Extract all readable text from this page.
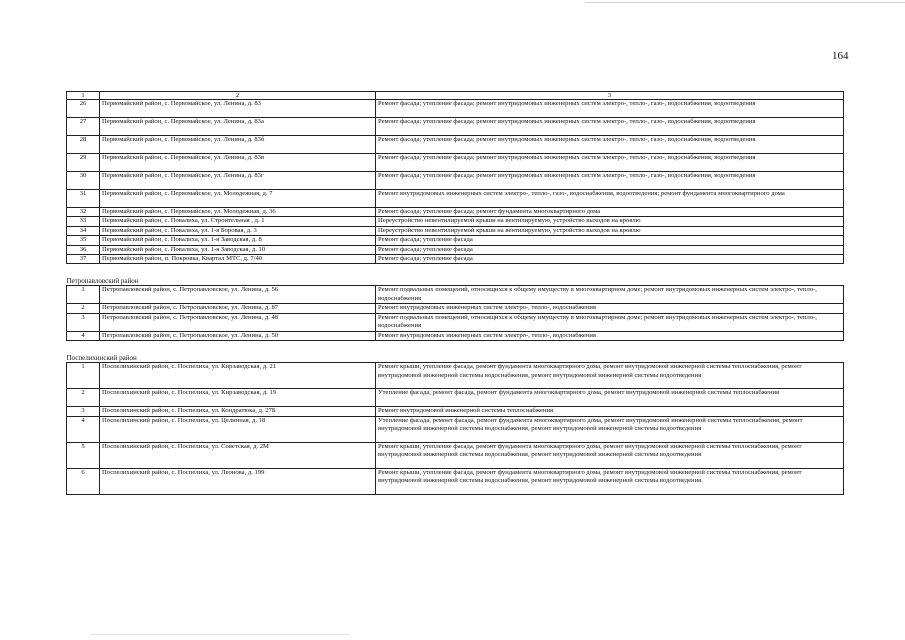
164
1	2	3
26	Первомайский район, с. Первомайское, ул. Ленина, д. 83	Ремонт фасада; утепление фасада; ремонт внутридомовых инженерных систем электро-, тепло-, газо-, водоснабжения, водоотведения
27	Первомайский район, с. Первомайское, ул. Ленина, д. 83а	Ремонт фасада; утепление фасада; ремонт внутридомовых инженерных систем электро-, тепло-, газо-, водоснабжения, водоотведения
28	Первомайский район, с. Первомайское, ул. Ленина, д. 83б	Ремонт фасада; утепление фасада; ремонт внутридомовых инженерных систем электро-, тепло-, газо-, водоснабжения, водоотведения
29	Первомайский район, с. Первомайское, ул. Ленина, д. 83в	Ремонт фасада; утепление фасада; ремонт внутридомовых инженерных систем электро-, тепло-, газо-, водоснабжения, водоотведения
30	Первомайский район, с. Первомайское, ул. Ленина, д. 83г	Ремонт фасада; утепление фасада; ремонт внутридомовых инженерных систем электро-, тепло-, газо-, водоснабжения, водоотведения
31	Первомайский район, с. Первомайское, ул. Молодежная, д. 7	Ремонт внутридомовых инженерных систем электро-, тепло-, газо-, водоснабжения, водоотведения; ремонт фундамента многоквартирного дома
32	Первомайский район, с. Первомайское, ул. Молодежная, д. 36	Ремонт фасада; утепление фасада; ремонт фундамента многоквартирного дома
33	Первомайский район, с. Повалиха, ул. Строительная , д. 1	Переустройство невентилируемой крыши на вентилируемую, устройство выходов на кровлю
34	Первомайский район, с. Повалиха, ул. 1-я Боровая, д. 3	Переустройство невентилируемой крыши на вентилируемую, устройство выходов на кровлю
35	Первомайский район, с. Повалиха, ул. 1-я Заводская, д. 8	Ремонт фасада; утепление фасада
36	Первомайский район, с. Повалиха, ул. 1-я Заводская, д. 10	Ремонт фасада; утепление фасада
37	Первомайский район, п. Покровка, Квартал МТС, д. 7/40	Ремонт фасада; утепление фасада

Петропавловский район		
1	Петропавловский район, с. Петропавловское, ул. Ленина, д. 56	Ремонт подвальных помещений, относящихся к общему имуществу в многоквартирном доме; ремонт внутридомовых инженерных систем электро-, тепло-, водоснабжения
2	Петропавловский район, с. Петропавловское, ул. Ленина, д. 87	Ремонт внутридомовых инженерных систем электро-, тепло-, водоснабжения
3	Петропавловский район, с. Петропавловское, ул. Ленина, д. 48	Ремонт подвальных помещений, относящихся к общему имуществу в многоквартирном доме; ремонт внутридомовых инженерных систем электро-, тепло-, водоснабжения
4	Петропавловский район, с. Петропавловское, ул. Ленина, д. 50	Ремонт внутридомовых инженерных систем электро-, тепло-, водоснабжения

Поспелихинский район		
1	Поспелихинский район, с. Поспелиха, ул. Кирзаводская, д. 21	Ремонт крыши, утепление фасада, ремонт фундамента многоквартирного дома, ремонт внутридомовой инженерной системы теплоснабжения, ремонт внутридомовой инженерной системы водоснабжения, ремонт внутридомовой инженерной системы водоотведения
2	Поспелихинский район, с. Поспелиха, ул. Кирзаводская, д. 19	Утепление фасада, ремонт фасада, ремонт фундамента многоквартирного дома, ремонт внутридомовой инженерной системы теплоснабжения
3	Поспелихинский район, с. Поспелиха, ул. Кондратюка, д. 27Б	Ремонт внутридомовой инженерной системы теплоснабжения
4	Поспелихинский район, с. Поспелиха, ул. Целинная, д. 18	Утепление фасада, ремонт фасада, ремонт фундамента многоквартирного дома, ремонт внутридомовой инженерной системы теплоснабжения, ремонт внутридомовой инженерной системы водоснабжения, ремонт внутридомовой инженерной системы водоотведения
5	Поспелихинский район, с. Поспелиха, ул. Советская, д. 2М	Ремонт крыши, утепление фасада, ремонт фундамента многоквартирного дома, ремонт внутридомовой инженерной системы теплоснабжения, ремонт внутридомовой инженерной системы водоснабжения, ремонт внутридомовой инженерной системы водоотведения
6	Поспелихинский район, с. Поспелиха, ул. Леонова, д. 199	Ремонт крыши, утепление фасада, ремонт фундамента многоквартирного дома, ремонт внутридомовой инженерной системы теплоснабжения, ремонт внутридомовой инженерной системы водоснабжения, ремонт внутридомовой инженерной системы водоотведения
